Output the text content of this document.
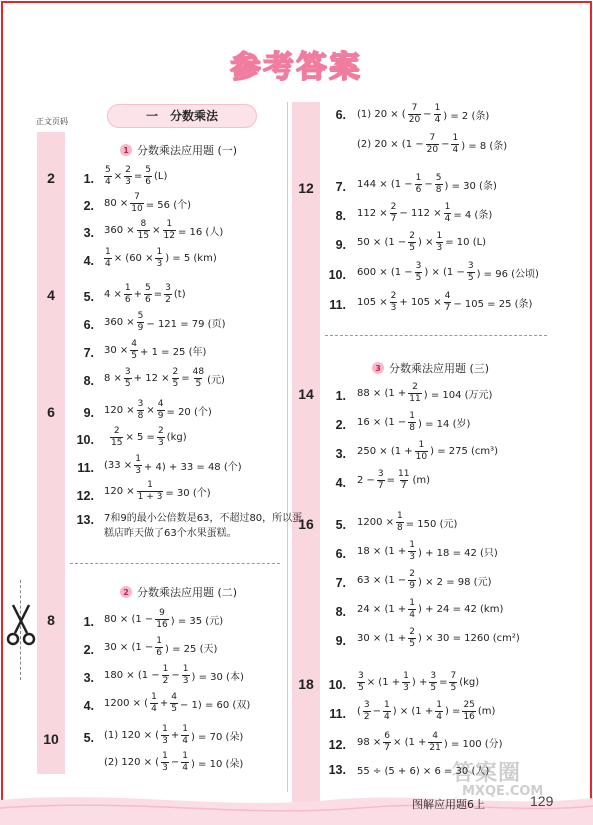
参考答案
正文页码
2
4
6
8
10
12
14
16
18
一　分数乘法
1 分数乘法应用题 (一)
2 分数乘法应用题 (二)
3 分数乘法应用题 (三)
1.
5
4 ×
2
3 =
5
6 (L)
2. 80 ×
7
10 = 56 (个)
3. 360 ×
8
15 ×
1
12 = 16 (人)
4.
1
4 × (60 ×
1
3 ) = 5 (km)
5. 4 ×
1
6 +
5
6 =
3
2 (t)
6. 360 ×
5
9 − 121 = 79 (页)
7. 30 ×
4
5 + 1 = 25 (年)
8. 8 ×
3
5 + 12 ×
2
5 =
48
5 (元)
9. 120 ×
3
8 ×
4
9 = 20 (个)
10.
2
15 × 5 =
2
3 (kg)
11. (33 ×
1
3 + 4) + 33 = 48 (个)
12. 120 ×
1
1 + 3 = 30 (个)
13. 7和9的最小公倍数是63，不超过80，所以蛋糕店昨天做了63个水果蛋糕。
1. 80 × (1 −
9
16 ) = 35 (元)
2. 30 × (1 −
1
6 ) = 25 (天)
3. 180 × (1 −
1
2 −
1
3 ) = 30 (本)
4. 1200 × (
1
4 +
4
5 − 1) = 60 (双)
5. (1) 120 × (
1
3 +
1
4 ) = 70 (朵)
(2) 120 × (
1
3 −
1
4 ) = 10 (朵)
6. (1) 20 × (
7
20 −
1
4 ) = 2 (条)
(2) 20 × (1 −
7
20 −
1
4 ) = 8 (条)
7. 144 × (1 −
1
6 −
5
8 ) = 30 (条)
8. 112 ×
2
7 − 112 ×
1
4 = 4 (条)
9. 50 × (1 −
2
5 ) ×
1
3 = 10 (L)
10. 600 × (1 −
3
5 ) × (1 −
3
5 ) = 96 (公顷)
11. 105 ×
2
3 + 105 ×
4
7 − 105 = 25 (条)
1. 88 × (1 +
2
11 ) = 104 (万元)
2. 16 × (1 −
1
8 ) = 14 (岁)
3. 250 × (1 +
1
10 ) = 275 (cm³)
4. 2 −
3
7 =
11
7 (m)
5. 1200 ×
1
8 = 150 (元)
6. 18 × (1 +
1
3 ) + 18 = 42 (只)
7. 63 × (1 −
2
9 ) × 2 = 98 (元)
8. 24 × (1 +
1
4 ) + 24 = 42 (km)
9. 30 × (1 +
2
5 ) × 30 = 1260 (cm²)
10.
3
5 × (1 +
1
3 ) +
3
5 =
7
5 (kg)
11. (
3
2 −
1
4 ) × (1 +
1
4 ) =
25
16 (m)
12. 98 ×
6
7 × (1 +
4
21 ) = 100 (分)
13. 55 ÷ (5 + 6) × 6 = 30 (人)
图解应用题6上	129
答案圈
MXQE.COM
